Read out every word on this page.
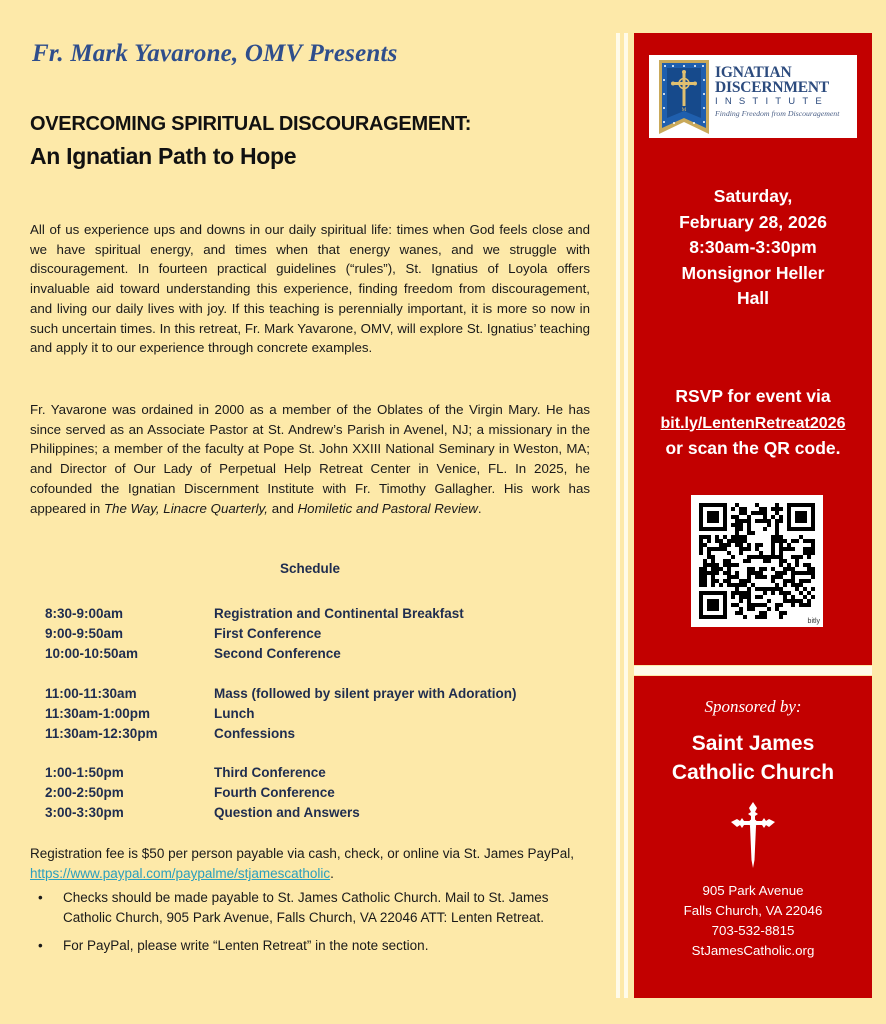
Fr. Mark Yavarone, OMV Presents
OVERCOMING SPIRITUAL DISCOURAGEMENT:
An Ignatian Path to Hope

All of us experience ups and downs in our daily spiritual life: times when God feels close and we have spiritual energy, and times when that energy wanes, and we struggle with discouragement. In fourteen practical guidelines (“rules”), St. Ignatius of Loyola offers invaluable aid toward understanding this experience, finding freedom from discouragement, and living our daily lives with joy. If this teaching is perennially important, it is more so now in such uncertain times. In this retreat, Fr. Mark Yavarone, OMV, will explore St. Ignatius’ teaching and apply it to our experience through concrete examples.

Fr. Yavarone was ordained in 2000 as a member of the Oblates of the Virgin Mary. He has since served as an Associate Pastor at St. Andrew’s Parish in Avenel, NJ; a missionary in the Philippines; a member of the faculty at Pope St. John XXIII National Seminary in Weston, MA; and Director of Our Lady of Perpetual Help Retreat Center in Venice, FL. In 2025, he cofounded the Ignatian Discernment Institute with Fr. Timothy Gallagher. His work has appeared in The Way, Linacre Quarterly, and Homiletic and Pastoral Review.

Schedule
8:30-9:00am	Registration and Continental Breakfast
9:00-9:50am	First Conference
10:00-10:50am	Second Conference
11:00-11:30am	Mass (followed by silent prayer with Adoration)
11:30am-1:00pm	Lunch
11:30am-12:30pm	Confessions
1:00-1:50pm	Third Conference
2:00-2:50pm	Fourth Conference
3:00-3:30pm	Question and Answers
Registration fee is $50 per person payable via cash, check, or online via St. James PayPal, https://www.paypal.com/paypalme/stjamescatholic.
• Checks should be made payable to St. James Catholic Church. Mail to St. James Catholic Church, 905 Park Avenue, Falls Church, VA 22046 ATT: Lenten Retreat.
• For PayPal, please write “Lenten Retreat” in the note section.
M
IGNATIAN
DISCERNMENT
INSTITUTE
Finding Freedom from Discouragement
Saturday,
February 28, 2026
8:30am-3:30pm
Monsignor Heller
Hall
RSVP for event via
bit.ly/LentenRetreat2026
or scan the QR code.
bitly
Sponsored by:
Saint James
Catholic Church
905 Park Avenue
Falls Church, VA 22046
703-532-8815
StJamesCatholic.org
